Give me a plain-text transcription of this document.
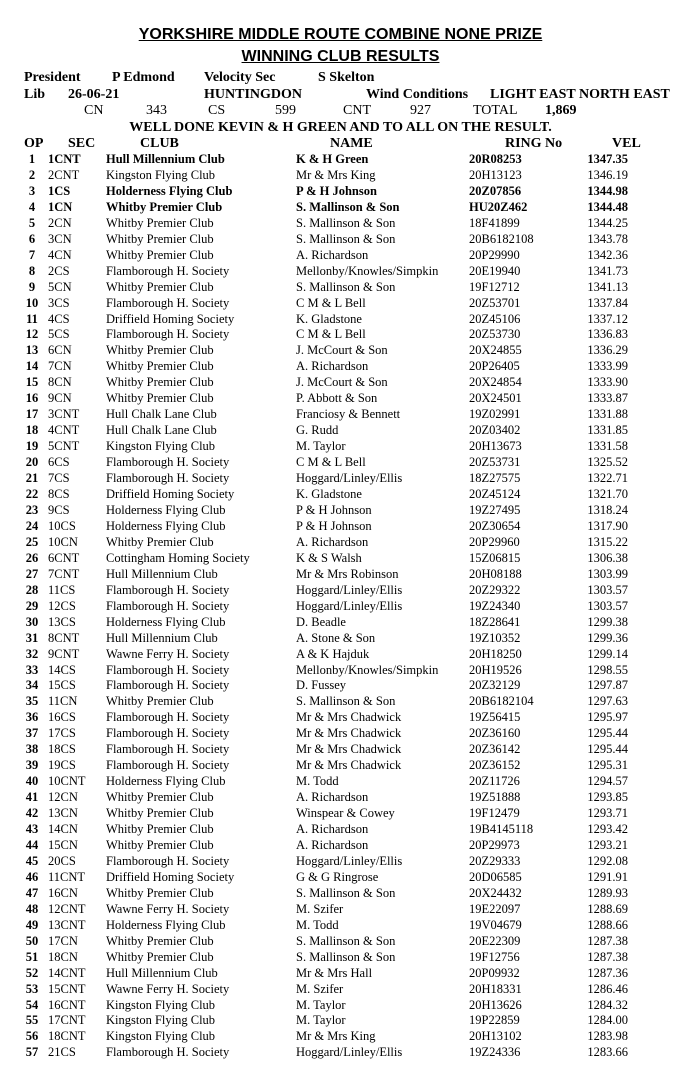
YORKSHIRE MIDDLE ROUTE COMBINE NONE PRIZE
WINNING CLUB RESULTS
President P Edmond Velocity Sec	S Skelton
Lib 26-06-21	HUNTINGDON	Wind Conditions LIGHT EAST NORTH EAST
CN	343	CS	599	CNT	927	TOTAL 1,869
WELL DONE KEVIN & H GREEN AND TO ALL ON THE RESULT.
OP SEC	CLUB	NAME	RING No	VEL
1	1CNT	Hull Millennium Club	K & H Green	20R08253	1347.35
2	2CNT	Kingston Flying Club	Mr & Mrs King	20H13123	1346.19
3	1CS	Holderness Flying Club	P & H Johnson	20Z07856	1344.98
4	1CN	Whitby Premier Club	S. Mallinson & Son	HU20Z462	1344.48
5	2CN	Whitby Premier Club	S. Mallinson & Son	18F41899	1344.25
6	3CN	Whitby Premier Club	S. Mallinson & Son	20B6182108	1343.78
7	4CN	Whitby Premier Club	A. Richardson	20P29990	1342.36
8	2CS	Flamborough H. Society	Mellonby/Knowles/Simpkin	20E19940	1341.73
9	5CN	Whitby Premier Club	S. Mallinson & Son	19F12712	1341.13
10	3CS	Flamborough H. Society	C M & L Bell	20Z53701	1337.84
11	4CS	Driffield Homing Society	K. Gladstone	20Z45106	1337.12
12	5CS	Flamborough H. Society	C M & L Bell	20Z53730	1336.83
13	6CN	Whitby Premier Club	J. McCourt & Son	20X24855	1336.29
14	7CN	Whitby Premier Club	A. Richardson	20P26405	1333.99
15	8CN	Whitby Premier Club	J. McCourt & Son	20X24854	1333.90
16	9CN	Whitby Premier Club	P. Abbott & Son	20X24501	1333.87
17	3CNT	Hull Chalk Lane Club	Franciosy & Bennett	19Z02991	1331.88
18	4CNT	Hull Chalk Lane Club	G. Rudd	20Z03402	1331.85
19	5CNT	Kingston Flying Club	M. Taylor	20H13673	1331.58
20	6CS	Flamborough H. Society	C M & L Bell	20Z53731	1325.52
21	7CS	Flamborough H. Society	Hoggard/Linley/Ellis	18Z27575	1322.71
22	8CS	Driffield Homing Society	K. Gladstone	20Z45124	1321.70
23	9CS	Holderness Flying Club	P & H Johnson	19Z27495	1318.24
24	10CS	Holderness Flying Club	P & H Johnson	20Z30654	1317.90
25	10CN	Whitby Premier Club	A. Richardson	20P29960	1315.22
26	6CNT	Cottingham Homing Society	K & S Walsh	15Z06815	1306.38
27	7CNT	Hull Millennium Club	Mr & Mrs Robinson	20H08188	1303.99
28	11CS	Flamborough H. Society	Hoggard/Linley/Ellis	20Z29322	1303.57
29	12CS	Flamborough H. Society	Hoggard/Linley/Ellis	19Z24340	1303.57
30	13CS	Holderness Flying Club	D. Beadle	18Z28641	1299.38
31	8CNT	Hull Millennium Club	A. Stone & Son	19Z10352	1299.36
32	9CNT	Wawne Ferry H. Society	A & K Hajduk	20H18250	1299.14
33	14CS	Flamborough H. Society	Mellonby/Knowles/Simpkin	20H19526	1298.55
34	15CS	Flamborough H. Society	D. Fussey	20Z32129	1297.87
35	11CN	Whitby Premier Club	S. Mallinson & Son	20B6182104	1297.63
36	16CS	Flamborough H. Society	Mr & Mrs Chadwick	19Z56415	1295.97
37	17CS	Flamborough H. Society	Mr & Mrs Chadwick	20Z36160	1295.44
38	18CS	Flamborough H. Society	Mr & Mrs Chadwick	20Z36142	1295.44
39	19CS	Flamborough H. Society	Mr & Mrs Chadwick	20Z36152	1295.31
40	10CNT	Holderness Flying Club	M. Todd	20Z11726	1294.57
41	12CN	Whitby Premier Club	A. Richardson	19Z51888	1293.85
42	13CN	Whitby Premier Club	Winspear & Cowey	19F12479	1293.71
43	14CN	Whitby Premier Club	A. Richardson	19B4145118	1293.42
44	15CN	Whitby Premier Club	A. Richardson	20P29973	1293.21
45	20CS	Flamborough H. Society	Hoggard/Linley/Ellis	20Z29333	1292.08
46	11CNT	Driffield Homing Society	G & G Ringrose	20D06585	1291.91
47	16CN	Whitby Premier Club	S. Mallinson & Son	20X24432	1289.93
48	12CNT	Wawne Ferry H. Society	M. Szifer	19E22097	1288.69
49	13CNT	Holderness Flying Club	M. Todd	19V04679	1288.66
50	17CN	Whitby Premier Club	S. Mallinson & Son	20E22309	1287.38
51	18CN	Whitby Premier Club	S. Mallinson & Son	19F12756	1287.38
52	14CNT	Hull Millennium Club	Mr & Mrs Hall	20P09932	1287.36
53	15CNT	Wawne Ferry H. Society	M. Szifer	20H18331	1286.46
54	16CNT	Kingston Flying Club	M. Taylor	20H13626	1284.32
55	17CNT	Kingston Flying Club	M. Taylor	19P22859	1284.00
56	18CNT	Kingston Flying Club	Mr & Mrs King	20H13102	1283.98
57	21CS	Flamborough H. Society	Hoggard/Linley/Ellis	19Z24336	1283.66
